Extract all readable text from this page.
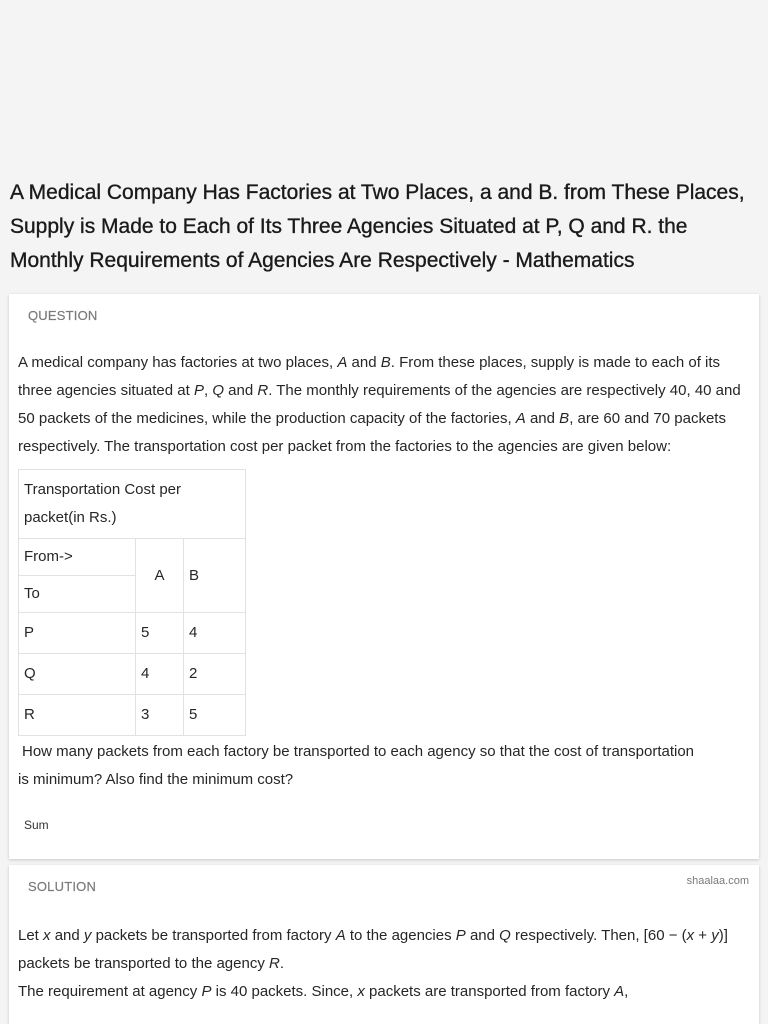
A Medical Company Has Factories at Two Places, a and B. from These Places, Supply is Made to Each of Its Three Agencies Situated at P, Q and R. the Monthly Requirements of Agencies Are Respectively - Mathematics

QUESTION

A medical company has factories at two places, A and B. From these places, supply is made to each of its three agencies situated at P, Q and R. The monthly requirements of the agencies are respectively 40, 40 and 50 packets of the medicines, while the production capacity of the factories, A and B, are 60 and 70 packets respectively. The transportation cost per packet from the factories to the agencies are given below:

Transportation Cost per packet(in Rs.)		

From->
To	A	B
P	5	4
Q	4	2
R	3	5

How many packets from each factory be transported to each agency so that the cost of transportation

is minimum? Also find the minimum cost?

Sum
shaalaa.com

SOLUTION

Let x and y packets be transported from factory A to the agencies P and Q respectively. Then, [60 − (x + y)] packets be transported to the agency R.
The requirement at agency P is 40 packets. Since, x packets are transported from factory A,
